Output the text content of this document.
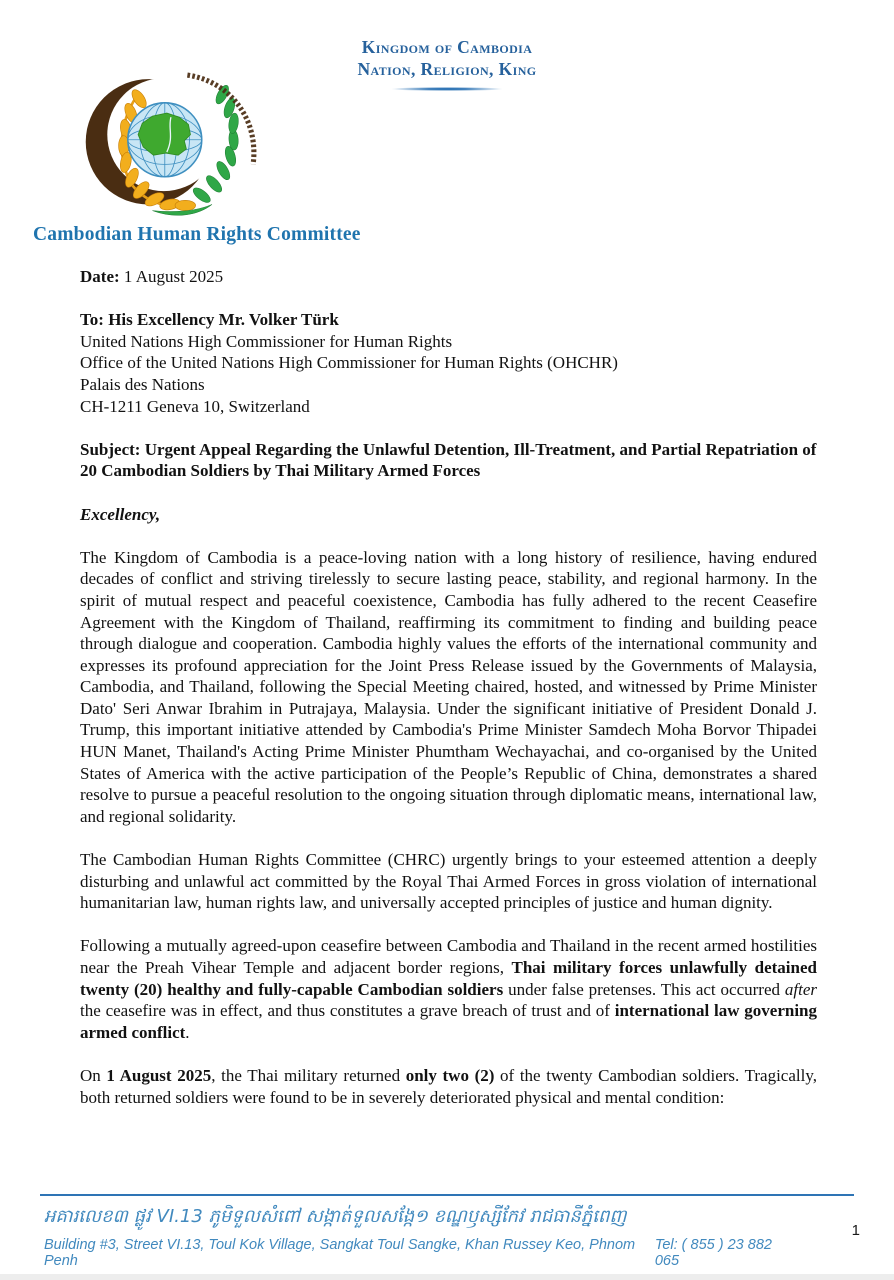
Kingdom of Cambodia
Nation, Religion, King
Cambodian Human Rights Committee

Date: 1 August 2025

To: His Excellency Mr. Volker Türk
United Nations High Commissioner for Human Rights
Office of the United Nations High Commissioner for Human Rights (OHCHR)
Palais des Nations
CH-1211 Geneva 10, Switzerland

Subject: Urgent Appeal Regarding the Unlawful Detention, Ill-Treatment, and Partial Repatriation of 20 Cambodian Soldiers by Thai Military Armed Forces

Excellency,

The Kingdom of Cambodia is a peace-loving nation with a long history of resilience, having endured decades of conflict and striving tirelessly to secure lasting peace, stability, and regional harmony. In the spirit of mutual respect and peaceful coexistence, Cambodia has fully adhered to the recent Ceasefire Agreement with the Kingdom of Thailand, reaffirming its commitment to finding and building peace through dialogue and cooperation. Cambodia highly values the efforts of the international community and expresses its profound appreciation for the Joint Press Release issued by the Governments of Malaysia, Cambodia, and Thailand, following the Special Meeting chaired, hosted, and witnessed by Prime Minister Dato' Seri Anwar Ibrahim in Putrajaya, Malaysia. Under the significant initiative of President Donald J. Trump, this important initiative attended by Cambodia's Prime Minister Samdech Moha Borvor Thipadei HUN Manet, Thailand's Acting Prime Minister Phumtham Wechayachai, and co-organised by the United States of America with the active participation of the People’s Republic of China, demonstrates a shared resolve to pursue a peaceful resolution to the ongoing situation through diplomatic means, international law, and regional solidarity.

The Cambodian Human Rights Committee (CHRC) urgently brings to your esteemed attention a deeply disturbing and unlawful act committed by the Royal Thai Armed Forces in gross violation of international humanitarian law, human rights law, and universally accepted principles of justice and human dignity.

Following a mutually agreed-upon ceasefire between Cambodia and Thailand in the recent armed hostilities near the Preah Vihear Temple and adjacent border regions, Thai military forces unlawfully detained twenty (20) healthy and fully-capable Cambodian soldiers under false pretenses. This act occurred after the ceasefire was in effect, and thus constitutes a grave breach of trust and of international law governing armed conflict.

On 1 August 2025, the Thai military returned only two (2) of the twenty Cambodian soldiers. Tragically, both returned soldiers were found to be in severely deteriorated physical and mental condition:

អគារលេខ៣ ផ្លូវ VI.13 ភូមិទួលសំពៅ សង្កាត់ទួលសង្កែ១ ខណ្ឌឫស្សីកែវ រាជធានីភ្នំពេញ
Building #3, Street VI.13, Toul Kok Village, Sangkat Toul Sangke, Khan Russey Keo, Phnom Penh
Tel: ( 855 ) 23 882 065
1
